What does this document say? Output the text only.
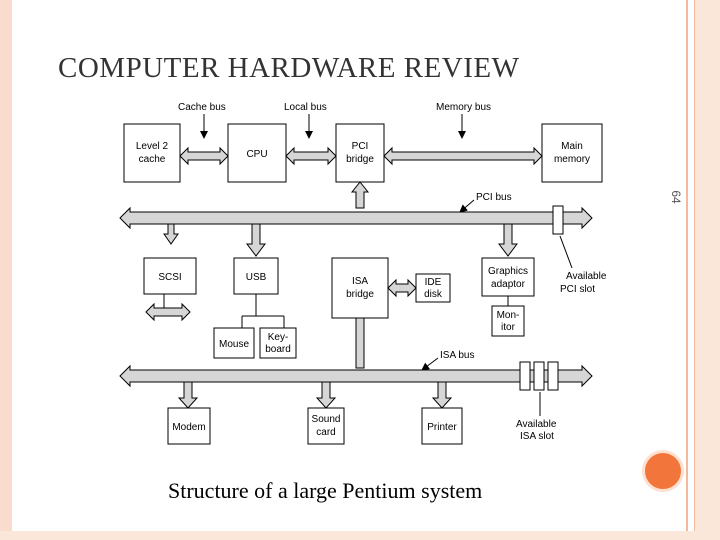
COMPUTER HARDWARE REVIEW
64
Cache bus	Local bus	Memory bus
Level 2
cache	CPU
PCI
bridge
Main
memory
PCI bus
Available
PCI slot
SCSI	USB	ISA
bridge
IDE
disk
Graphics
adaptor
Mon-
itor
Mouse
Key-
board
ISA bus
Available
ISA slot
Modem
Sound
card	Printer
Structure of a large Pentium system
